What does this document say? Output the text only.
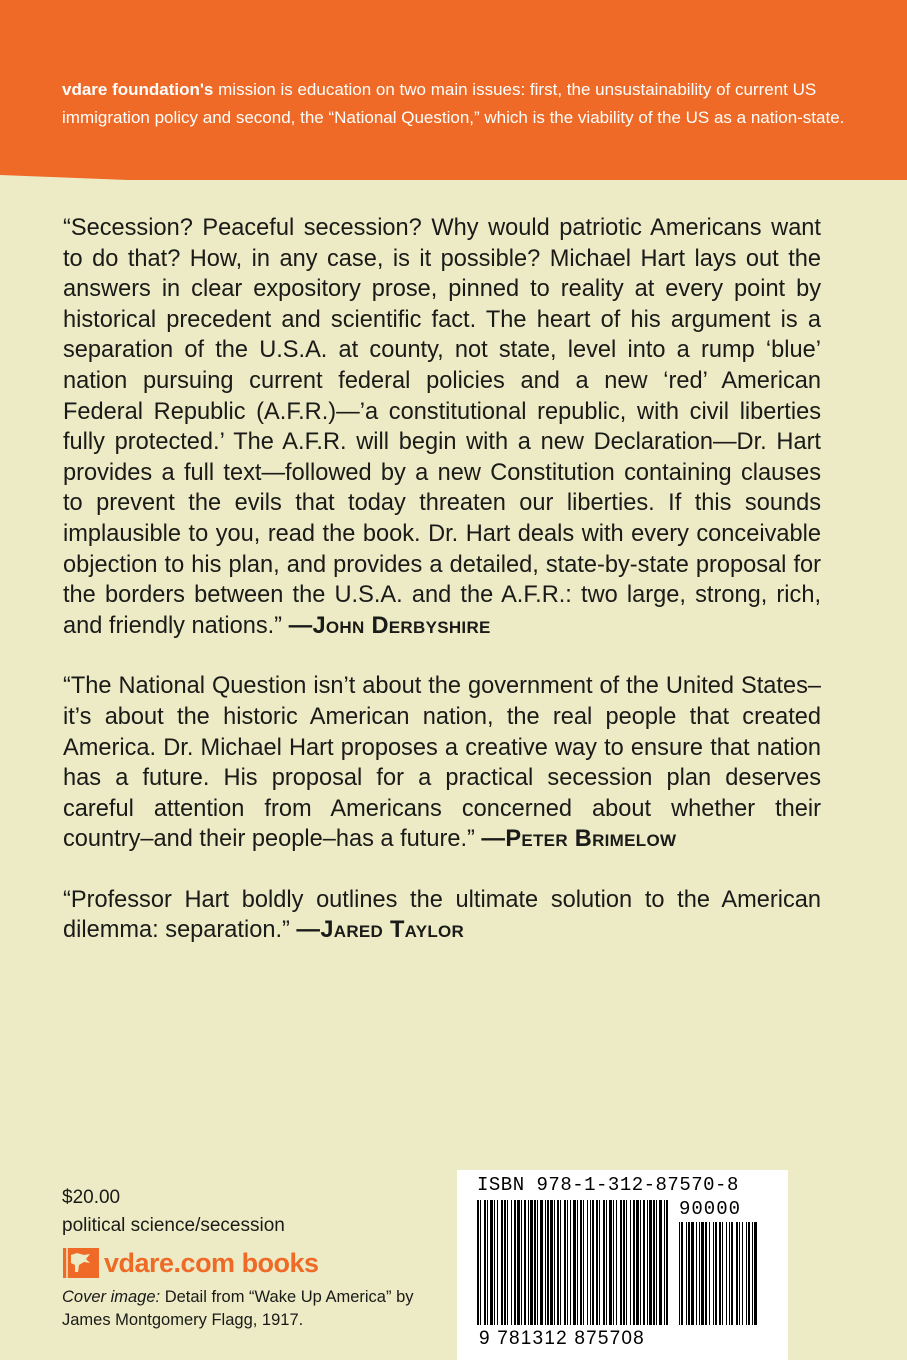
vdare foundation's mission is education on two main issues: first, the unsustainability of current US immigration policy and second, the “National Question,” which is the viability of the US as a nation-state.

“Secession? Peaceful secession? Why would patriotic Americans want to do that? How, in any case, is it possible? Michael Hart lays out the answers in clear expository prose, pinned to reality at every point by historical precedent and scientific fact. The heart of his argument is a separation of the U.S.A. at county, not state, level into a rump ‘blue’ nation pursuing current federal policies and a new ‘red’ American Federal Republic (A.F.R.)—’a constitutional republic, with civil liberties fully protected.’ The A.F.R. will begin with a new Declaration—Dr. Hart provides a full text—followed by a new Constitution containing clauses to prevent the evils that today threaten our liberties. If this sounds implausible to you, read the book. Dr. Hart deals with every conceivable objection to his plan, and provides a detailed, state-by-state proposal for the borders between the U.S.A. and the A.F.R.: two large, strong, rich, and friendly nations.” —John Derbyshire

“The National Question isn’t about the government of the United States–it’s about the historic American nation, the real people that created America. Dr. Michael Hart proposes a creative way to ensure that nation has a future. His proposal for a practical secession plan deserves careful attention from Americans concerned about whether their country–and their people–has a future.” —Peter Brimelow

“Professor Hart boldly outlines the ultimate solution to the American dilemma: separation.” —Jared Taylor

$20.00
political science/secession
vdare.com books
Cover image: Detail from “Wake Up America” by James Montgomery Flagg, 1917.
ISBN 978-1-312-87570-8
90000
9 781312 875708
